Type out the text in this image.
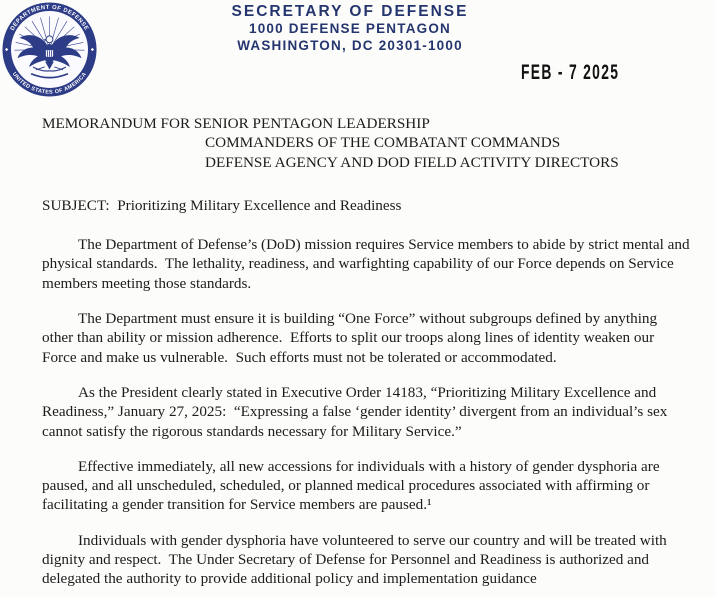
DEPARTMENT OF DEFENSE
UNITED STATES OF AMERICA
SECRETARY OF DEFENSE
1000 DEFENSE PENTAGON
WASHINGTON, DC 20301-1000
FEB - 7 2025
MEMORANDUM FOR SENIOR PENTAGON LEADERSHIP
COMMANDERS OF THE COMBATANT COMMANDS
DEFENSE AGENCY AND DOD FIELD ACTIVITY DIRECTORS
SUBJECT:  Prioritizing Military Excellence and Readiness

The Department of Defense’s (DoD) mission requires Service members to abide by strict mental and physical standards.  The lethality, readiness, and warfighting capability of our Force depends on Service members meeting those standards.

The Department must ensure it is building “One Force” without subgroups defined by anything other than ability or mission adherence.  Efforts to split our troops along lines of identity weaken our Force and make us vulnerable.  Such efforts must not be tolerated or accommodated.

As the President clearly stated in Executive Order 14183, “Prioritizing Military Excellence and Readiness,” January 27, 2025:  “Expressing a false ‘gender identity’ divergent from an individual’s sex cannot satisfy the rigorous standards necessary for Military Service.”

Effective immediately, all new accessions for individuals with a history of gender dysphoria are paused, and all unscheduled, scheduled, or planned medical procedures associated with affirming or facilitating a gender transition for Service members are paused.¹

Individuals with gender dysphoria have volunteered to serve our country and will be treated with dignity and respect.  The Under Secretary of Defense for Personnel and Readiness is authorized and delegated the authority to provide additional policy and implementation guidance
